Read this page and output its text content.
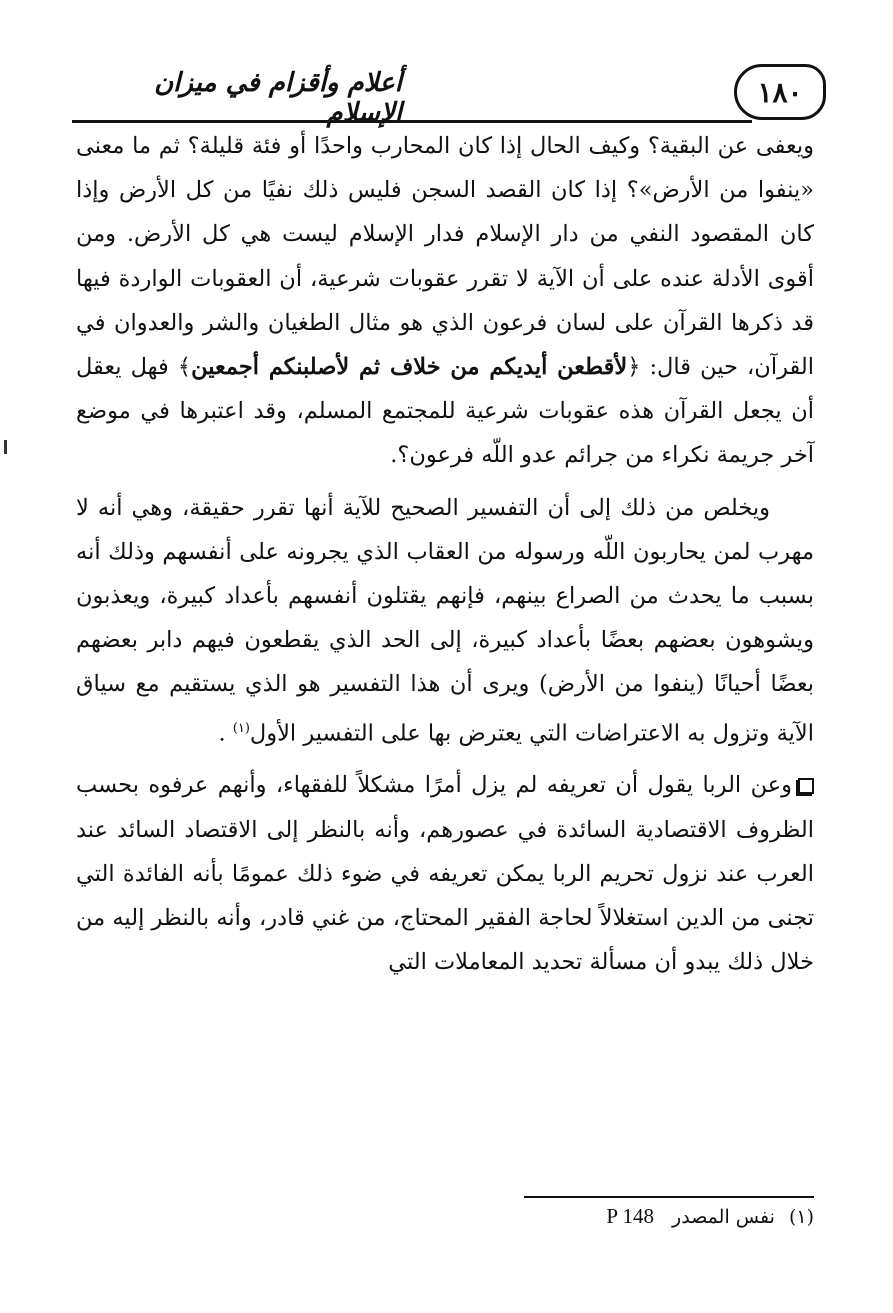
أعلام وأقزام في ميزان الإسلام
١٨٠

ويعفى عن البقية؟ وكيف الحال إذا كان المحارب واحدًا أو فئة قليلة؟ ثم ما معنى «ينفوا من الأرض»؟ إذا كان القصد السجن فليس ذلك نفيًا من كل الأرض وإذا كان المقصود النفي من دار الإسلام فدار الإسلام ليست هي كل الأرض. ومن أقوى الأدلة عنده على أن الآية لا تقرر عقوبات شرعية، أن العقوبات الواردة فيها قد ذكرها القرآن على لسان فرعون الذي هو مثال الطغيان والشر والعدوان في القرآن، حين قال: ﴿لأقطعن أيديكم من خلاف ثم لأصلبنكم أجمعين﴾ فهل يعقل أن يجعل القرآن هذه عقوبات شرعية للمجتمع المسلم، وقد اعتبرها في موضع آخر جريمة نكراء من جرائم عدو اللّه فرعون؟.

ويخلص من ذلك إلى أن التفسير الصحيح للآية أنها تقرر حقيقة، وهي أنه لا مهرب لمن يحاربون اللّه ورسوله من العقاب الذي يجرونه على أنفسهم وذلك أنه بسبب ما يحدث من الصراع بينهم، فإنهم يقتلون أنفسهم بأعداد كبيرة، ويعذبون ويشوهون بعضهم بعضًا بأعداد كبيرة، إلى الحد الذي يقطعون فيهم دابر بعضهم بعضًا أحيانًا (ينفوا من الأرض) ويرى أن هذا التفسير هو الذي يستقيم مع سياق الآية وتزول به الاعتراضات التي يعترض بها على التفسير الأول$^{(١)}$ .

وعن الربا يقول أن تعريفه لم يزل أمرًا مشكلاً للفقهاء، وأنهم عرفوه بحسب الظروف الاقتصادية السائدة في عصورهم، وأنه بالنظر إلى الاقتصاد السائد عند العرب عند نزول تحريم الربا يمكن تعريفه في ضوء ذلك عمومًا بأنه الفائدة التي تجنى من الدين استغلالاً لحاجة الفقير المحتاج، من غني قادر، وأنه بالنظر إليه من خلال ذلك يبدو أن مسألة تحديد المعاملات التي

(١) نفس المصدر P 148
